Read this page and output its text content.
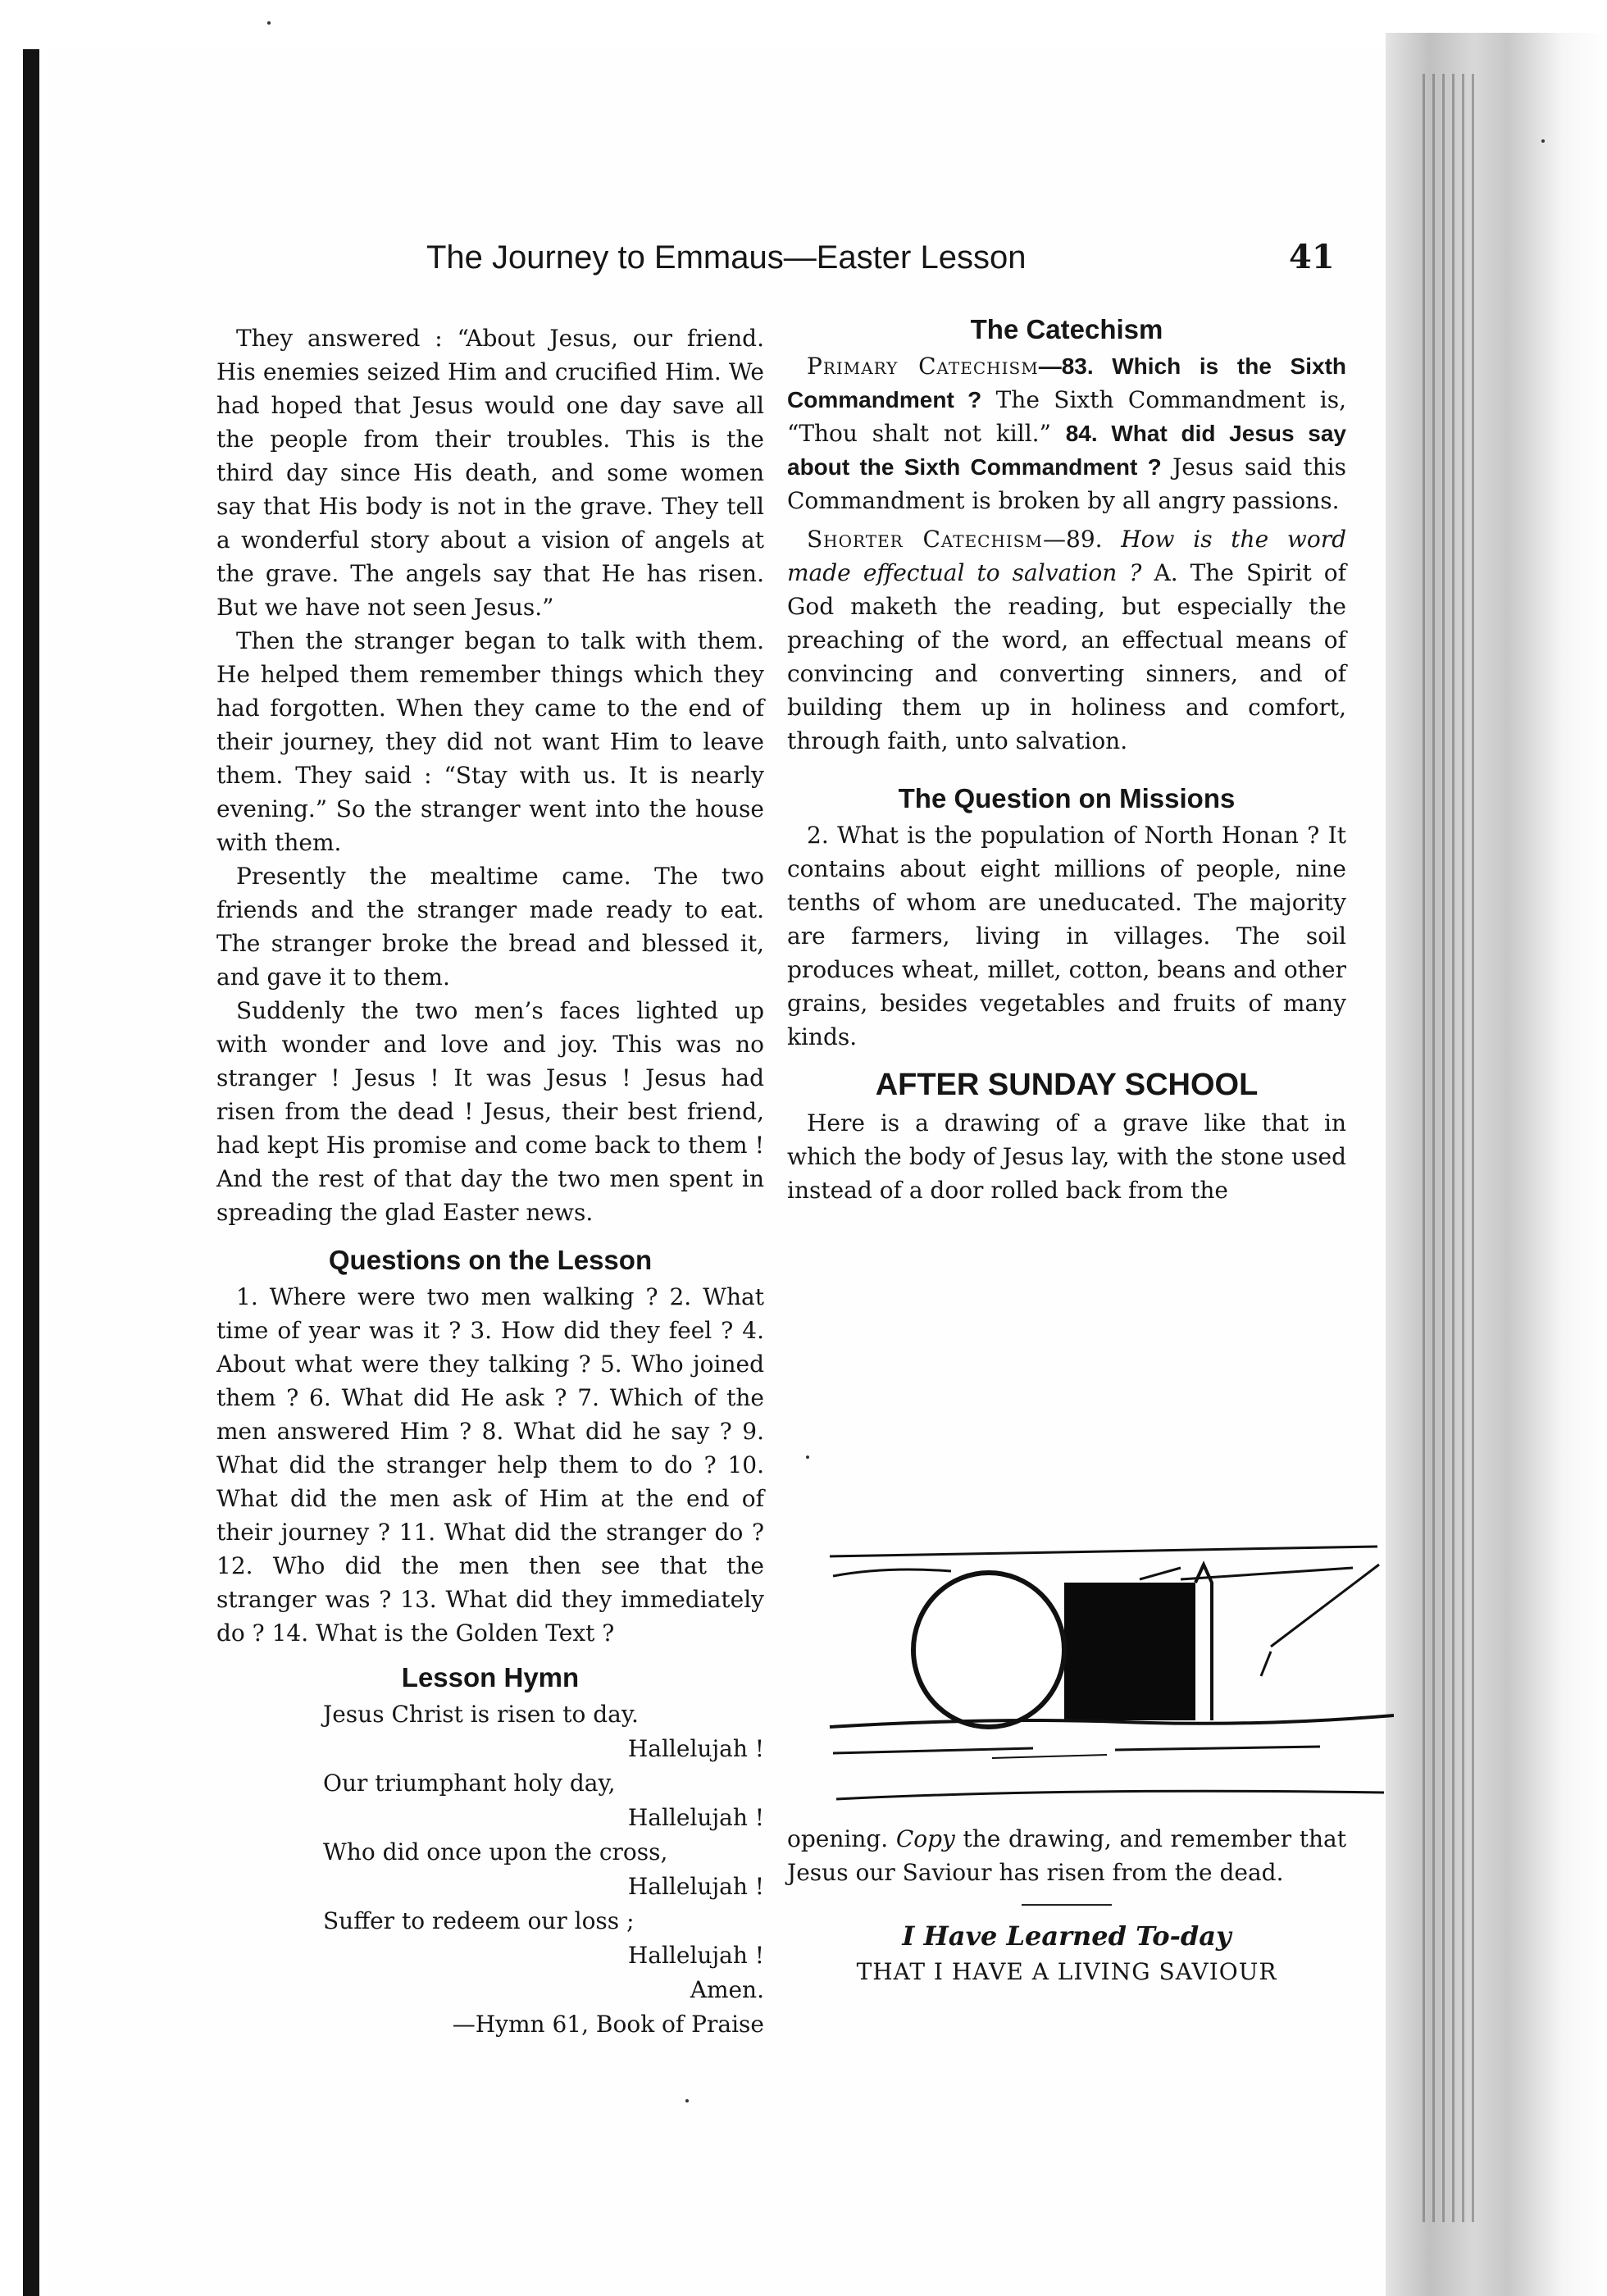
The Journey to Emmaus—Easter Lesson	41

They answered : “About Jesus, our friend. His enemies seized Him and crucified Him. We had hoped that Jesus would one day save all the people from their troubles. This is the third day since His death, and some women say that His body is not in the grave. They tell a wonderful story about a vision of angels at the grave. The angels say that He has risen. But we have not seen Jesus.”

Then the stranger began to talk with them. He helped them remember things which they had forgotten. When they came to the end of their journey, they did not want Him to leave them. They said : “Stay with us. It is nearly evening.” So the stranger went into the house with them.

Presently the mealtime came. The two friends and the stranger made ready to eat. The stranger broke the bread and blessed it, and gave it to them.

Suddenly the two men’s faces lighted up with wonder and love and joy. This was no stranger ! Jesus ! It was Jesus ! Jesus had risen from the dead ! Jesus, their best friend, had kept His promise and come back to them ! And the rest of that day the two men spent in spreading the glad Easter news.

Questions on the Lesson

1. Where were two men walking ? 2. What time of year was it ? 3. How did they feel ? 4. About what were they talking ? 5. Who joined them ? 6. What did He ask ? 7. Which of the men answered Him ? 8. What did he say ? 9. What did the stranger help them to do ? 10. What did the men ask of Him at the end of their journey ? 11. What did the stranger do ? 12. Who did the men then see that the stranger was ? 13. What did they immediately do ? 14. What is the Golden Text ?

Lesson Hymn
Jesus Christ is risen to day.
Hallelujah !
Our triumphant holy day,
Hallelujah !
Who did once upon the cross,
Hallelujah !
Suffer to redeem our loss ;
Hallelujah !
Amen.
—Hymn 61, Book of Praise
The Catechism

Primary Catechism—83. Which is the Sixth Commandment ? The Sixth Commandment is, “Thou shalt not kill.” 84. What did Jesus say about the Sixth Commandment ? Jesus said this Commandment is broken by all angry passions.

Shorter Catechism—89. How is the word made effectual to salvation ? A. The Spirit of God maketh the reading, but especially the preaching of the word, an effectual means of convincing and converting sinners, and of building them up in holiness and comfort, through faith, unto salvation.

The Question on Missions

2. What is the population of North Honan ? It contains about eight millions of people, nine tenths of whom are uneducated. The majority are farmers, living in villages. The soil produces wheat, millet, cotton, beans and other grains, besides vegetables and fruits of many kinds.

AFTER SUNDAY SCHOOL

Here is a drawing of a grave like that in which the body of Jesus lay, with the stone used instead of a door rolled back from the

opening. Copy the drawing, and remember that Jesus our Saviour has risen from the dead.

I Have Learned To-day
THAT I HAVE A LIVING SAVIOUR
